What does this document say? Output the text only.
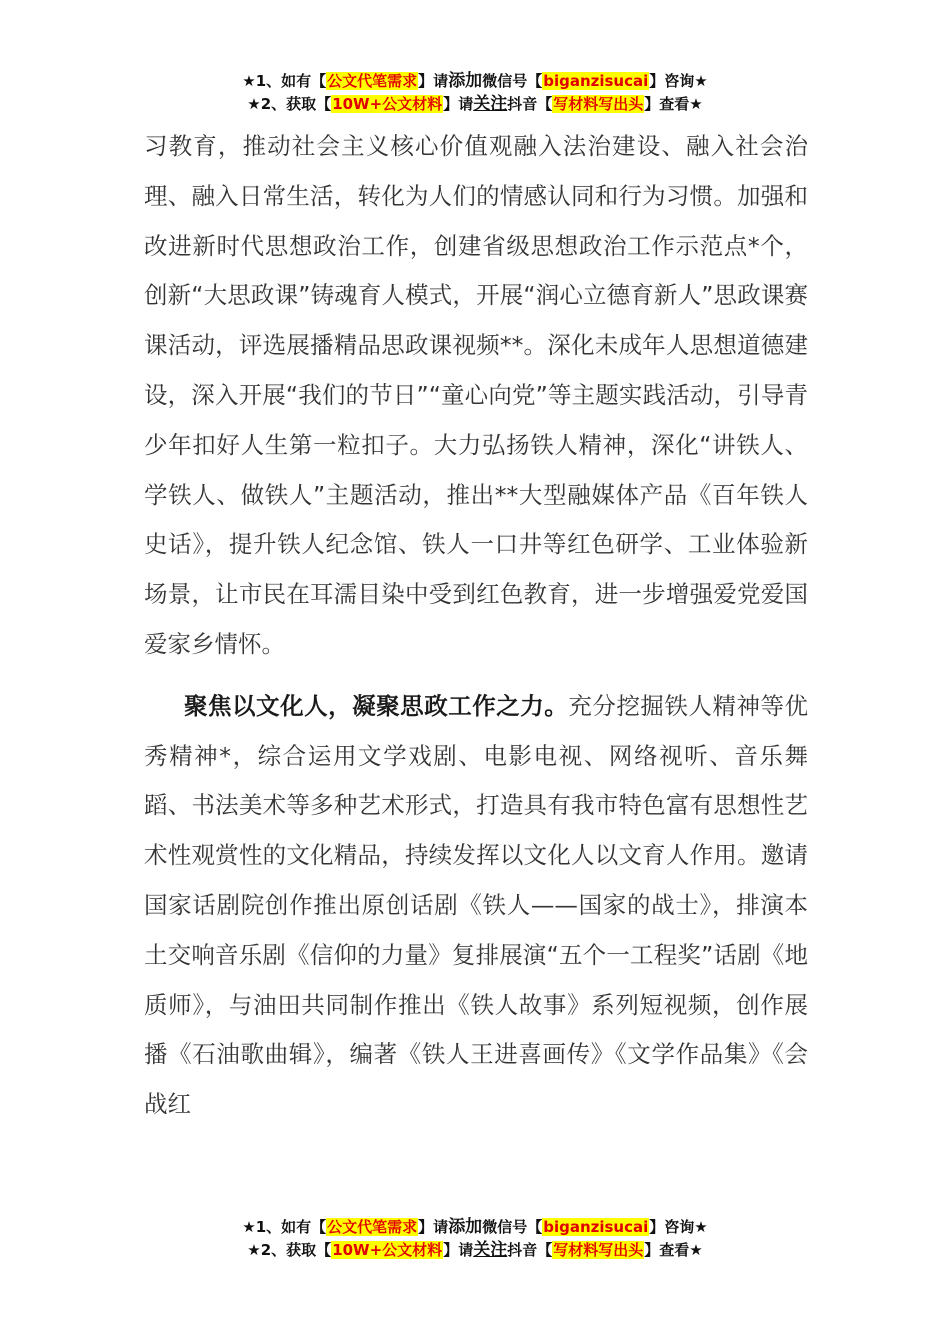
★1、如有【公文代笔需求】请添加微信号【biganzisucai】咨询★
★2、获取【10W+公文材料】请关注抖音【写材料写出头】查看★

习教育，推动社会主义核心价值观融入法治建设、融入社会治理、融入日常生活，转化为人们的情感认同和行为习惯。加强和改进新时代思想政治工作，创建省级思想政治工作示范点*个，创新“大思政课”铸魂育人模式，开展“润心立德育新人”思政课赛课活动，评选展播精品思政课视频**。深化未成年人思想道德建设，深入开展“我们的节日”“童心向党”等主题实践活动，引导青少年扣好人生第一粒扣子。大力弘扬铁人精神，深化“讲铁人、学铁人、做铁人”主题活动，推出**大型融媒体产品《百年铁人史话》，提升铁人纪念馆、铁人一口井等红色研学、工业体验新场景，让市民在耳濡目染中受到红色教育，进一步增强爱党爱国爱家乡情怀。

聚焦以文化人，凝聚思政工作之力。充分挖掘铁人精神等优秀精神*，综合运用文学戏剧、电影电视、网络视听、音乐舞蹈、书法美术等多种艺术形式，打造具有我市特色富有思想性艺术性观赏性的文化精品，持续发挥以文化人以文育人作用。邀请国家话剧院创作推出原创话剧《铁人——国家的战士》，排演本土交响音乐剧《信仰的力量》复排展演“五个一工程奖”话剧《地质师》，与油田共同制作推出《铁人故事》系列短视频，创作展播《石油歌曲辑》，编著《铁人王进喜画传》《文学作品集》《会战红

★1、如有【公文代笔需求】请添加微信号【biganzisucai】咨询★
★2、获取【10W+公文材料】请关注抖音【写材料写出头】查看★
